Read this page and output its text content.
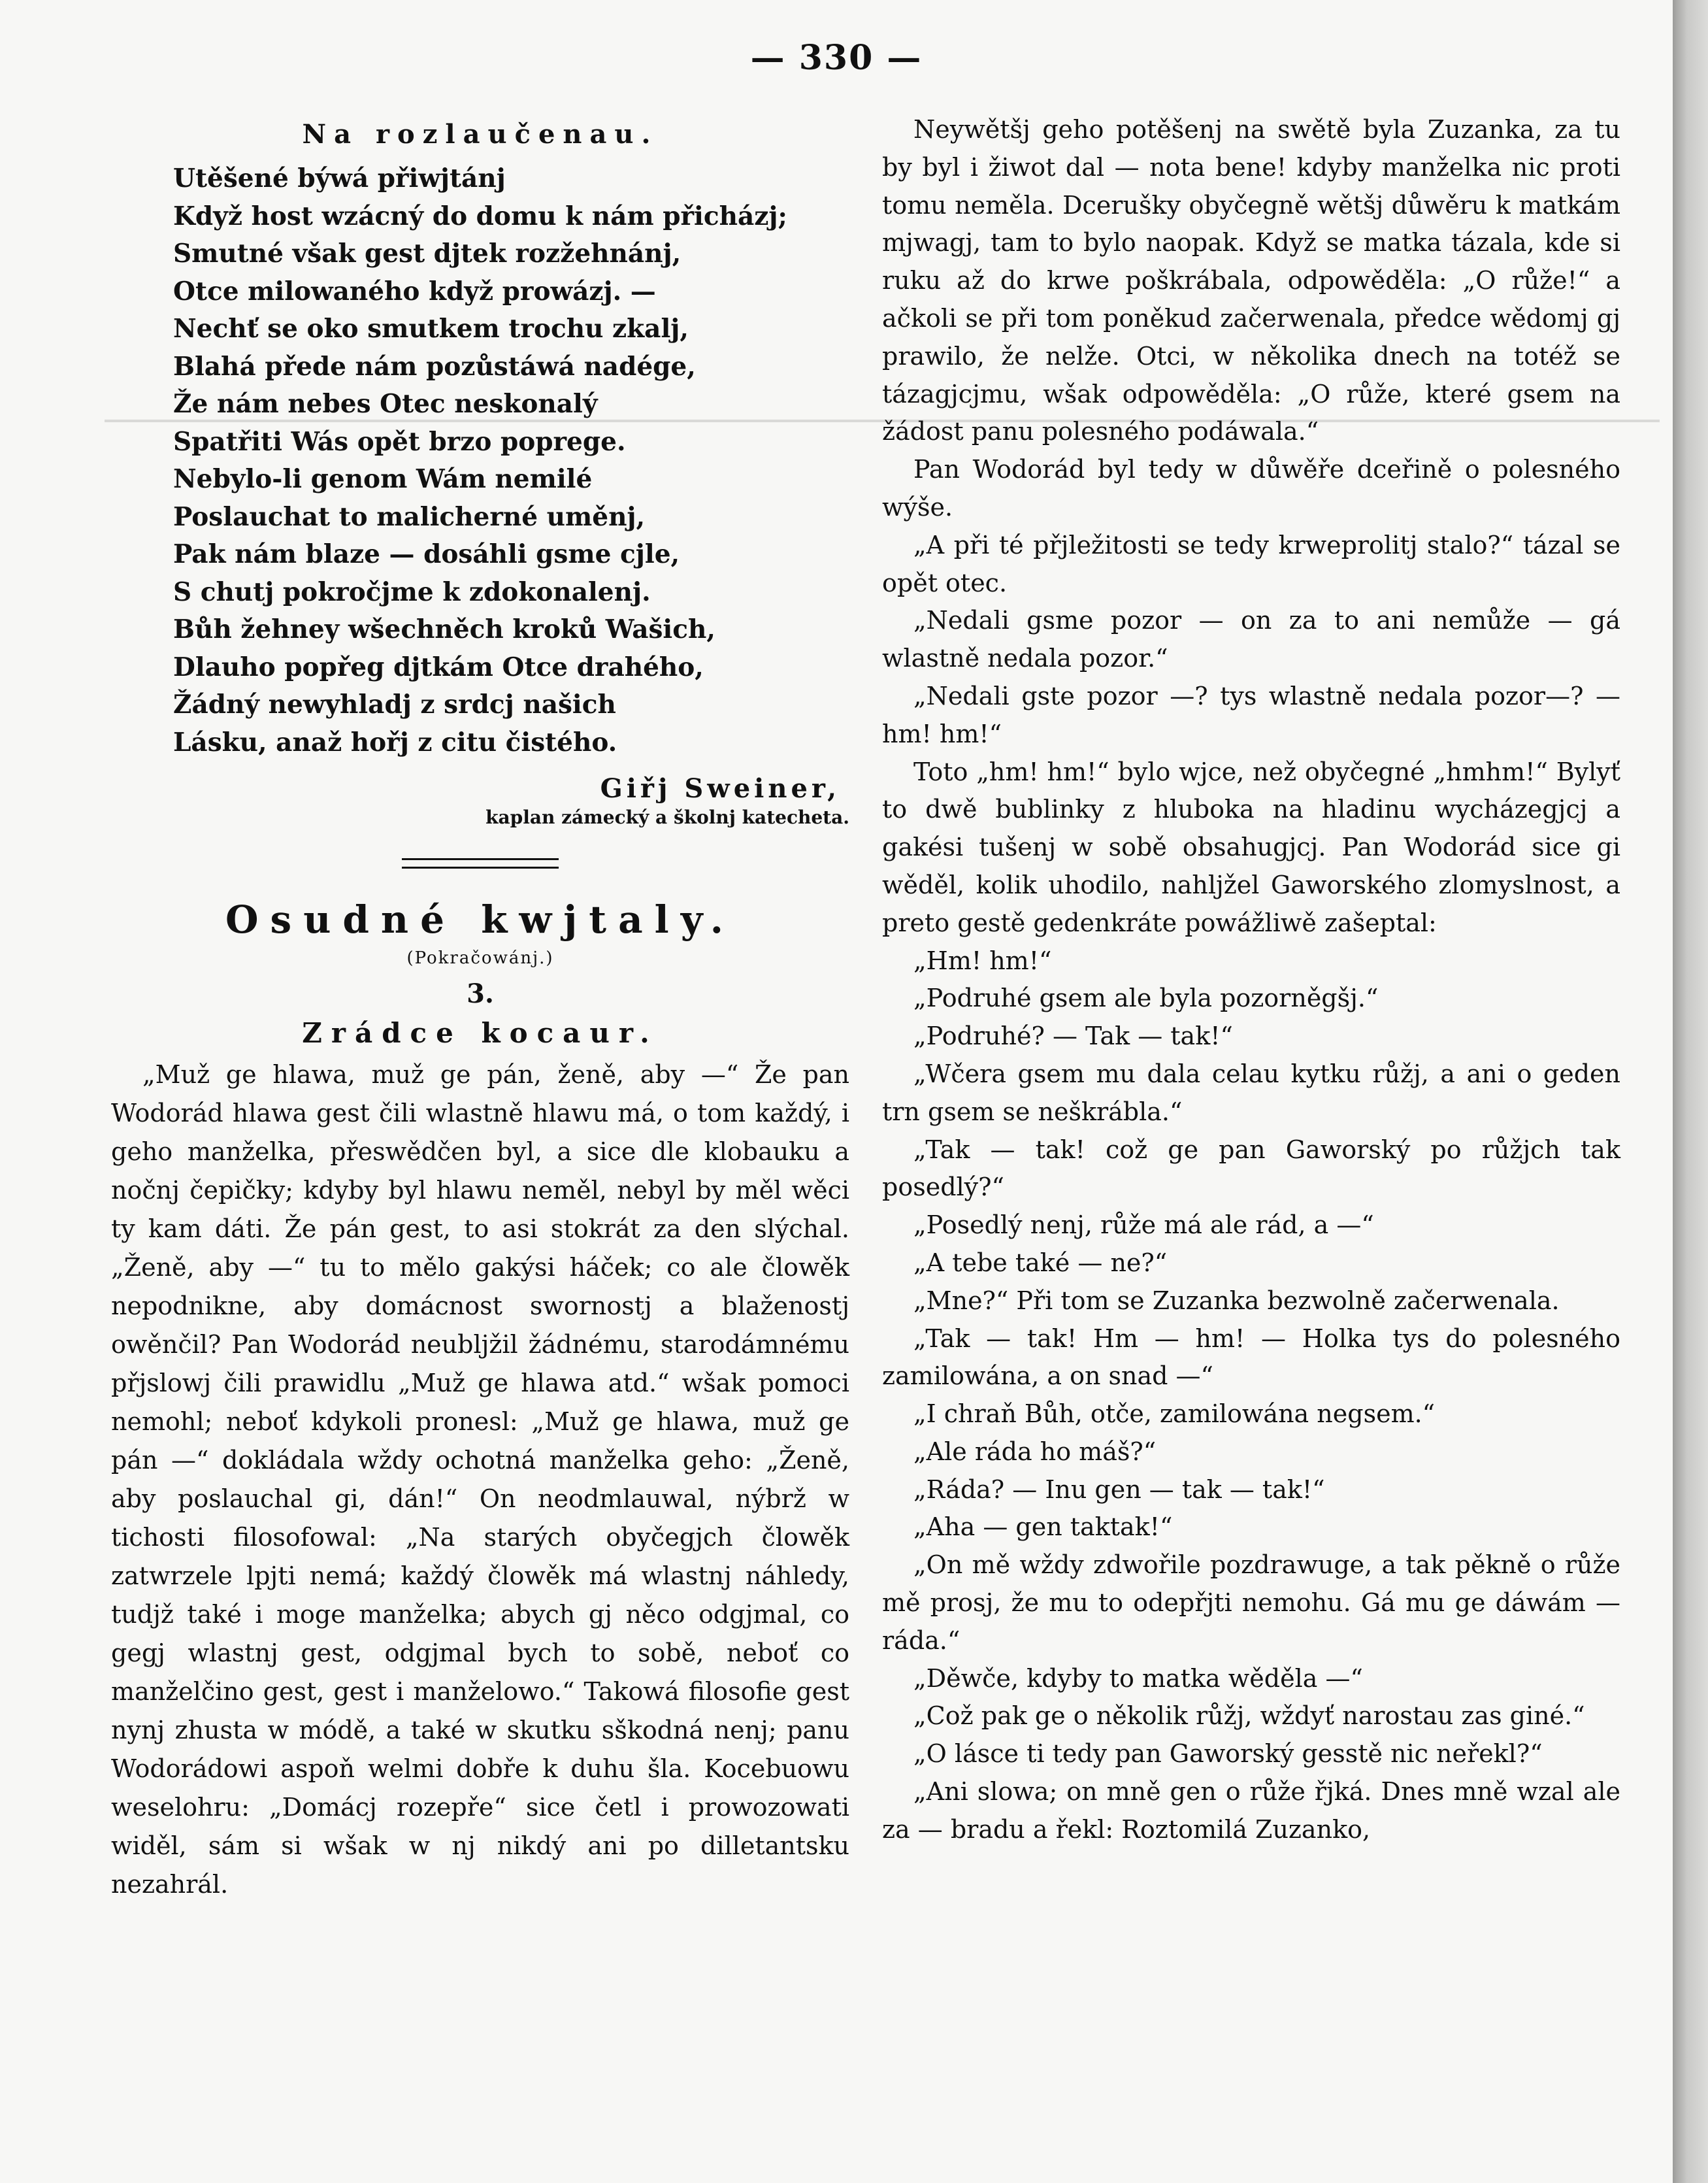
— 330 —
Na rozlaučenau.
Utěšené býwá přiwjtánj
Když host wzácný do domu k nám přicházj;
Smutné však gest djtek rozžehnánj,
Otce milowaného když prowázj. —
Nechť se oko smutkem trochu zkalj,
Blahá přede nám pozůstáwá nadége,
Že nám nebes Otec neskonalý
Spatřiti Wás opět brzo poprege.
Nebylo-li genom Wám nemilé
Poslauchat to malicherné uměnj,
Pak nám blaze — dosáhli gsme cjle,
S chutj pokročjme k zdokonalenj.
Bůh žehney wšechněch kroků Wašich,
Dlauho popřeg djtkám Otce drahého,
Žádný newyhladj z srdcj našich
Lásku, anaž hořj z citu čistého.
Giřj Sweiner,
kaplan zámecký a školnj katecheta.
Osudné kwjtaly.
(Pokračowánj.)
3.
Zrádce kocaur.

„Muž ge hlawa, muž ge pán, ženě, aby —“ Že pan Wodorád hlawa gest čili wlastně hlawu má, o tom každý, i geho manželka, přeswědčen byl, a sice dle klobauku a nočnj čepičky; kdyby byl hlawu neměl, nebyl by měl wěci ty kam dáti. Že pán gest, to asi stokrát za den slýchal. „Ženě, aby —“ tu to mělo gakýsi háček; co ale člowěk nepodnikne, aby domácnost swornostj a blaženostj owěnčil? Pan Wodorád neublјžil žádnému, starodámnému přjslowj čili prawidlu „Muž ge hlawa atd.“ wšak pomoci nemohl; neboť kdykoli pronesl: „Muž ge hlawa, muž ge pán —“ dokládala wždy ochotná manželka geho: „Ženě, aby poslauchal gi, dán!“ On neodmlauwal, nýbrž w tichosti filosofowal: „Na starých obyčegjch člowěk zatwrzele lpjti nemá; každý člowěk má wlastnj náhledy, tudjž také i moge manželka; abych gj něco odgjmal, co gegj wlastnj gest, odgjmal bych to sobě, neboť co manželčino gest, gest i manželowo.“ Takowá filosofie gest nynj zhusta w módě, a také w skutku sškodná nenj; panu Wodorádowi aspoň welmi dobře k duhu šla. Kocebuowu weselohru: „Domácj rozepře“ sice četl i prowozowati widěl, sám si wšak w nj nikdý ani po dilletantsku nezahrál.

Neywětšj geho potěšenj na swětě byla Zuzanka, za tu by byl i žiwot dal — nota bene! kdyby manželka nic proti tomu neměla. Dcerušky obyčegně wětšj důwěru k matkám mjwagj, tam to bylo naopak. Když se matka tázala, kde si ruku až do krwe poškrábala, odpowěděla: „O růže!“ a ačkoli se při tom poněkud začerwenala, předce wědomj gj prawilo, že nelže. Otci, w několika dnech na totéž se tázagjcjmu, wšak odpowěděla: „O růže, které gsem na žádost panu polesného podáwala.“

Pan Wodorád byl tedy w důwěře dceřině o polesného wýše.

„A při té přjležitosti se tedy krweprolitj stalo?“ tázal se opět otec.

„Nedali gsme pozor — on za to ani nemůže — gá wlastně nedala pozor.“

„Nedali gste pozor —? tys wlastně nedala pozor—? — hm! hm!“

Toto „hm! hm!“ bylo wjce, než obyčegné „hmhm!“ Bylyť to dwě bublinky z hluboka na hladinu wycházegjcj a gakési tušenj w sobě obsahugjcj. Pan Wodorád sice gi wěděl, kolik uhodilo, nahljžel Gaworského zlomyslnost, a preto gestě gedenkráte powážliwě zašeptal:

„Hm! hm!“

„Podruhé gsem ale byla pozorněgšj.“

„Podruhé? — Tak — tak!“

„Wčera gsem mu dala celau kytku růžj, a ani o geden trn gsem se neškrábla.“

„Tak — tak! což ge pan Gaworský po růžjch tak posedlý?“

„Posedlý nenj, růže má ale rád, a —“

„A tebe také — ne?“

„Mne?“ Při tom se Zuzanka bezwolně začerwenala.

„Tak — tak! Hm — hm! — Holka tys do polesného zamilowána, a on snad —“

„I chraň Bůh, otče, zamilowána negsem.“

„Ale ráda ho máš?“

„Ráda? — Inu gen — tak — tak!“

„Aha — gen taktak!“

„On mě wždy zdwořile pozdrawuge, a tak pěkně o růže mě prosj, že mu to odepřjti nemohu. Gá mu ge dáwám — ráda.“

„Děwče, kdyby to matka wěděla —“

„Což pak ge o několik růžj, wždyť narostau zas giné.“

„O lásce ti tedy pan Gaworský gesstě nic neřekl?“

„Ani slowa; on mně gen o růže řjká. Dnes mně wzal ale za — bradu a řekl: Roztomilá Zuzanko,
